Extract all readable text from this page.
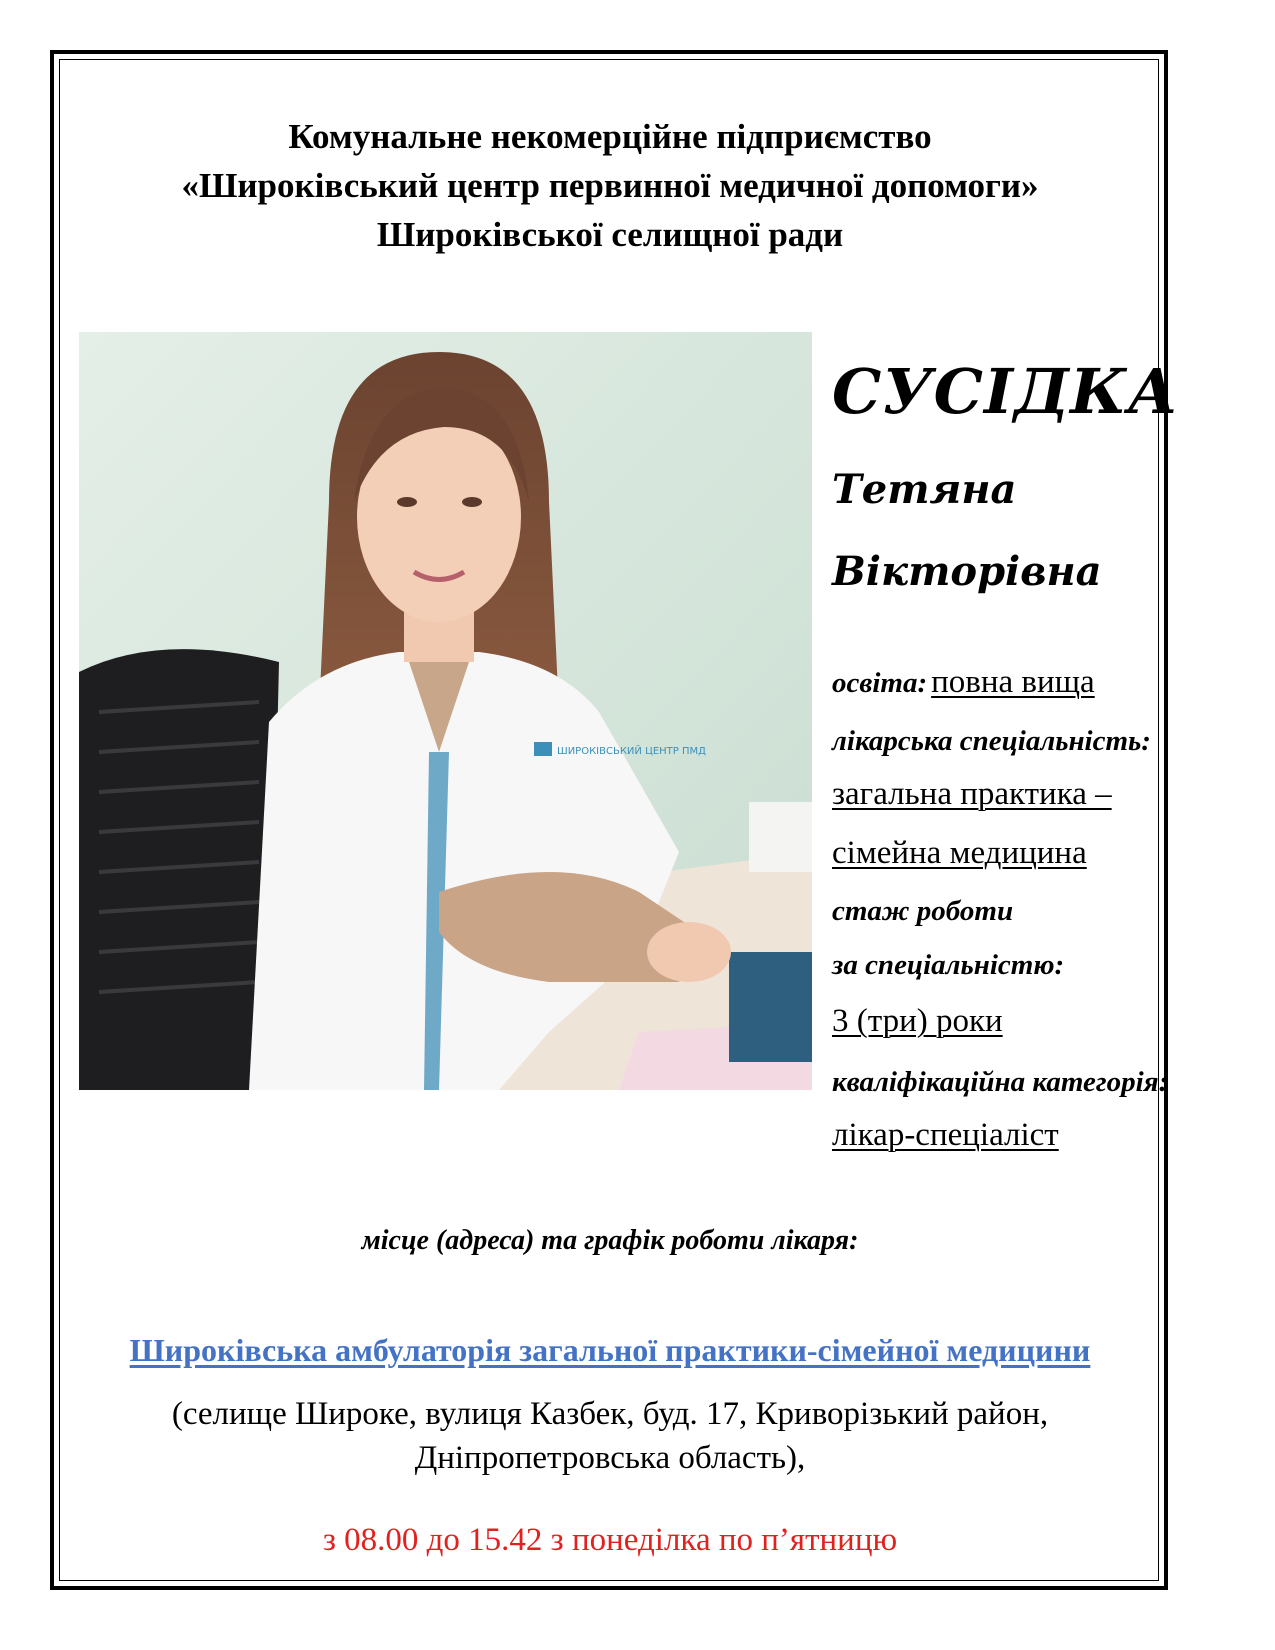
Комунальне некомерційне підприємство
«Широківський центр первинної медичної допомоги»
Широківської селищної ради
ШИРОКІВСЬКИЙ ЦЕНТР ПМД
СУСІДКА
Тетяна
Вікторівна
освіта: повна вища
лікарська спеціальність:
загальна практика –
сімейна медицина
стаж роботи
за спеціальністю:
3 (три) роки
кваліфікаційна категорія:
лікар-спеціаліст
місце (адреса) та графік роботи лікаря:
Широківська амбулаторія загальної практики-сімейної медицини
(селище Широке, вулиця Казбек, буд. 17, Криворізький район,
Дніпропетровська область),
з 08.00 до 15.42 з понеділка по п’ятницю
